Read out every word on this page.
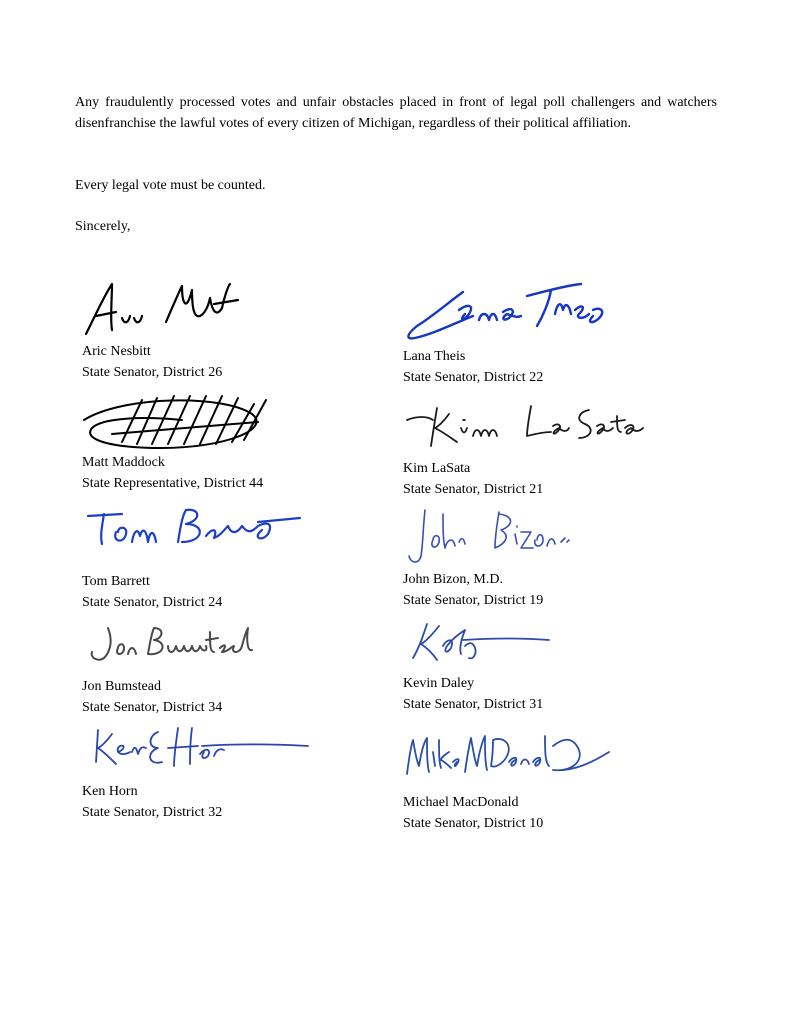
Any fraudulently processed votes and unfair obstacles placed in front of legal poll challengers and watchers disenfranchise the lawful votes of every citizen of Michigan, regardless of their political affiliation.

Every legal vote must be counted.

Sincerely,

Aric Nesbitt
State Senator, District 26
Matt Maddock
State Representative, District 44
Tom Barrett
State Senator, District 24
Jon Bumstead
State Senator, District 34
Ken Horn
State Senator, District 32
Lana Theis
State Senator, District 22
Kim LaSata
State Senator, District 21
John Bizon, M.D.
State Senator, District 19
Kevin Daley
State Senator, District 31
Michael MacDonald
State Senator, District 10
